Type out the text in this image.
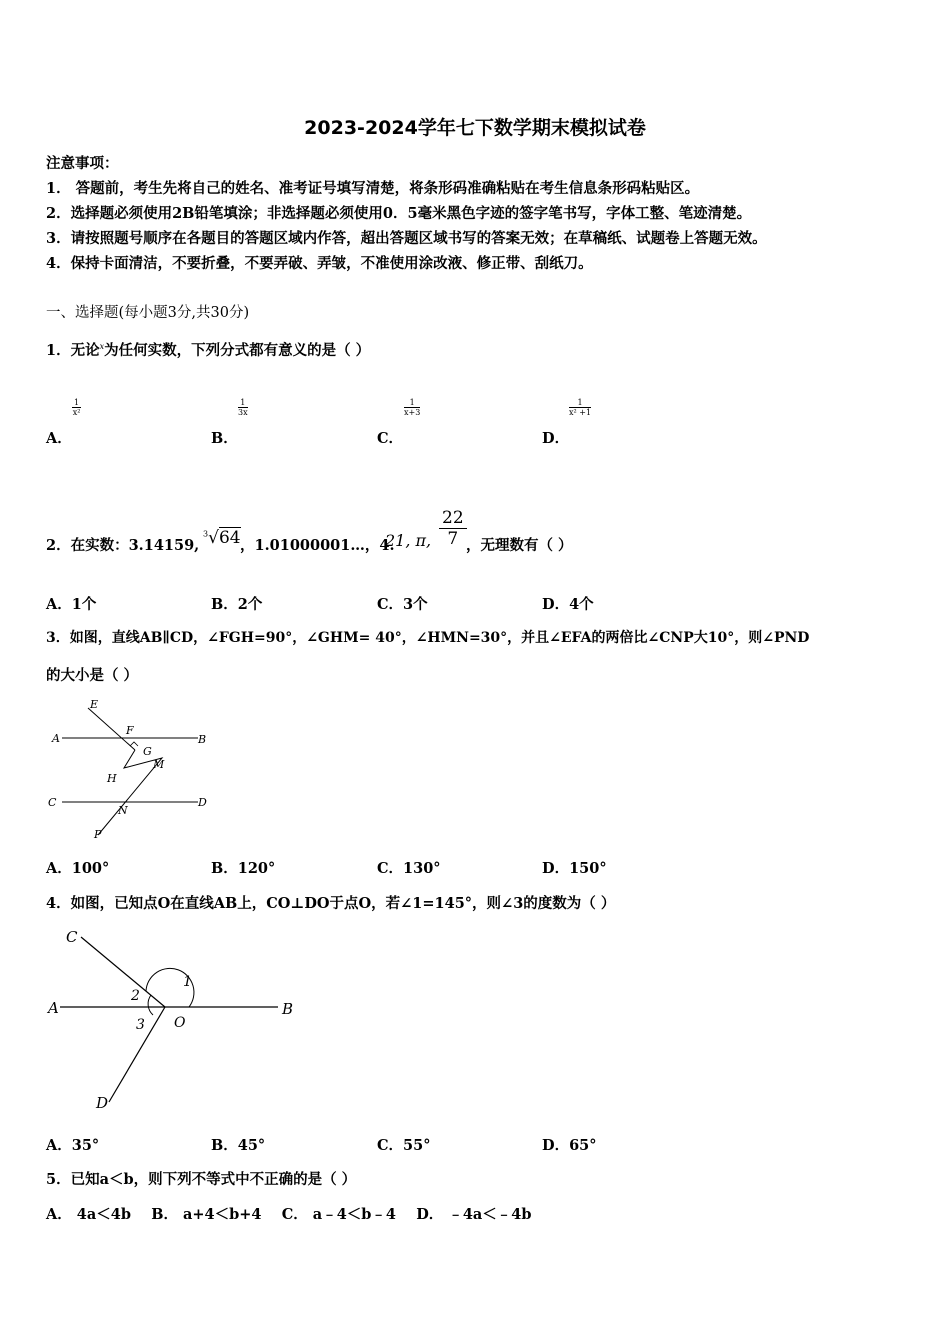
2023-2024学年七下数学期末模拟试卷
注意事项：
1． 答题前，考生先将自己的姓名、准考证号填写清楚，将条形码准确粘贴在考生信息条形码粘贴区。
2．选择题必须使用2B铅笔填涂；非选择题必须使用0．5毫米黑色字迹的签字笔书写，字体工整、笔迹清楚。
3．请按照题号顺序在各题目的答题区域内作答，超出答题区域书写的答案无效；在草稿纸、试题卷上答题无效。
4．保持卡面清洁，不要折叠，不要弄破、弄皱，不准使用涂改液、修正带、刮纸刀。
一、选择题(每小题3分,共30分)
1．无论$^x$为任何实数，下列分式都有意义的是（ ）
A．
$\frac{1}{\text{x²}}$
B．
$\frac{1}{3x}$
C．
$\frac{1}{x+3}$
D．
$\frac{1}{\text{x² +1}}$
2．在实数：3.14159,
$^3$√64 ，1.01000001…，4.
21, π, $\frac{22}{7}$ ，无理数有（ ）
A．1个	B．2个	C．3个	D．4个
3．如图，直线AB∥CD，∠FGH=90°，∠GHM= 40°，∠HMN=30°，并且∠EFA的两倍比∠CNP大10°，则∠PND
的大小是（ ）
E
A
F
B
G
M
H
C	D
N
P
A．100°	B．120°	C．130°	D．150°
4．如图，已知点O在直线AB上，CO⊥DO于点O，若∠1=145°，则∠3的度数为（ ）
C
A	B
D
O
1
2
3
A．35°	B．45°	C．55°	D．65°
5．已知a＜b，则下列不等式中不正确的是（ ）
A． 4a＜4b    B． a+4＜b+4    C． a﹣4＜b﹣4    D． ﹣4a＜﹣4b
